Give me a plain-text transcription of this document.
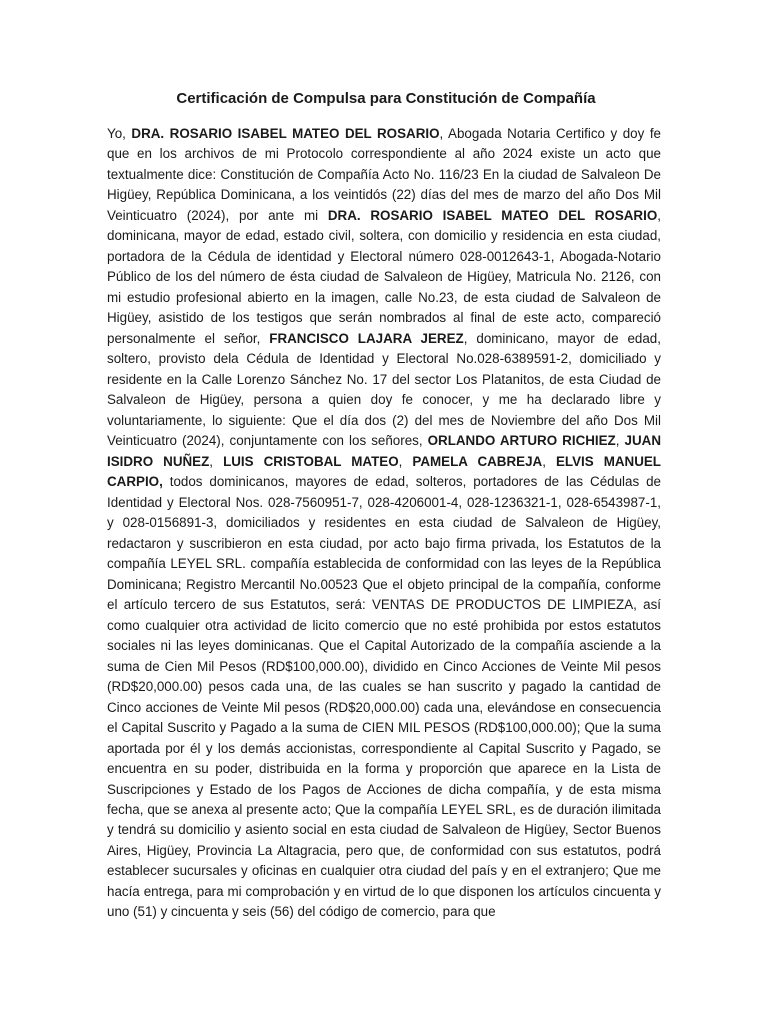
Certificación de Compulsa para Constitución de Compañía

Yo, DRA. ROSARIO ISABEL MATEO DEL ROSARIO, Abogada Notaria Certifico y doy fe que en los archivos de mi Protocolo correspondiente al año 2024 existe un acto que textualmente dice: Constitución de Compañía Acto No. 116/23 En la ciudad de Salvaleon De Higüey, República Dominicana, a los veintidós (22) días del mes de marzo del año Dos Mil Veinticuatro (2024), por ante mi DRA. ROSARIO ISABEL MATEO DEL ROSARIO, dominicana, mayor de edad, estado civil, soltera, con domicilio y residencia en esta ciudad, portadora de la Cédula de identidad y Electoral número 028-0012643-1, Abogada-Notario Público de los del número de ésta ciudad de Salvaleon de Higüey, Matricula No. 2126, con mi estudio profesional abierto en la imagen, calle No.23, de esta ciudad de Salvaleon de Higüey, asistido de los testigos que serán nombrados al final de este acto, compareció personalmente el señor, FRANCISCO LAJARA JEREZ, dominicano, mayor de edad, soltero, provisto dela Cédula de Identidad y Electoral No.028-6389591-2, domiciliado y residente en la Calle Lorenzo Sánchez No. 17 del sector Los Platanitos, de esta Ciudad de Salvaleon de Higüey, persona a quien doy fe conocer, y me ha declarado libre y voluntariamente, lo siguiente: Que el día dos (2) del mes de Noviembre del año Dos Mil Veinticuatro (2024), conjuntamente con los señores, ORLANDO ARTURO RICHIEZ, JUAN ISIDRO NUÑEZ, LUIS CRISTOBAL MATEO, PAMELA CABREJA, ELVIS MANUEL CARPIO, todos dominicanos, mayores de edad, solteros, portadores de las Cédulas de Identidad y Electoral Nos. 028-7560951-7, 028-4206001-4, 028-1236321-1, 028-6543987-1, y 028-0156891-3, domiciliados y residentes en esta ciudad de Salvaleon de Higüey, redactaron y suscribieron en esta ciudad, por acto bajo firma privada, los Estatutos de la compañía LEYEL SRL. compañía establecida de conformidad con las leyes de la República Dominicana; Registro Mercantil No.00523 Que el objeto principal de la compañía, conforme el artículo tercero de sus Estatutos, será: VENTAS DE PRODUCTOS DE LIMPIEZA, así como cualquier otra actividad de licito comercio que no esté prohibida por estos estatutos sociales ni las leyes dominicanas. Que el Capital Autorizado de la compañía asciende a la suma de Cien Mil Pesos (RD$100,000.00), dividido en Cinco Acciones de Veinte Mil pesos (RD$20,000.00) pesos cada una, de las cuales se han suscrito y pagado la cantidad de Cinco acciones de Veinte Mil pesos (RD$20,000.00) cada una, elevándose en consecuencia el Capital Suscrito y Pagado a la suma de CIEN MIL PESOS (RD$100,000.00); Que la suma aportada por él y los demás accionistas, correspondiente al Capital Suscrito y Pagado, se encuentra en su poder, distribuida en la forma y proporción que aparece en la Lista de Suscripciones y Estado de los Pagos de Acciones de dicha compañía, y de esta misma fecha, que se anexa al presente acto; Que la compañía LEYEL SRL, es de duración ilimitada y tendrá su domicilio y asiento social en esta ciudad de Salvaleon de Higüey, Sector Buenos Aires, Higüey, Provincia La Altagracia, pero que, de conformidad con sus estatutos, podrá establecer sucursales y oficinas en cualquier otra ciudad del país y en el extranjero; Que me hacía entrega, para mi comprobación y en virtud de lo que disponen los artículos cincuenta y uno (51) y cincuenta y seis (56) del código de comercio, para que
